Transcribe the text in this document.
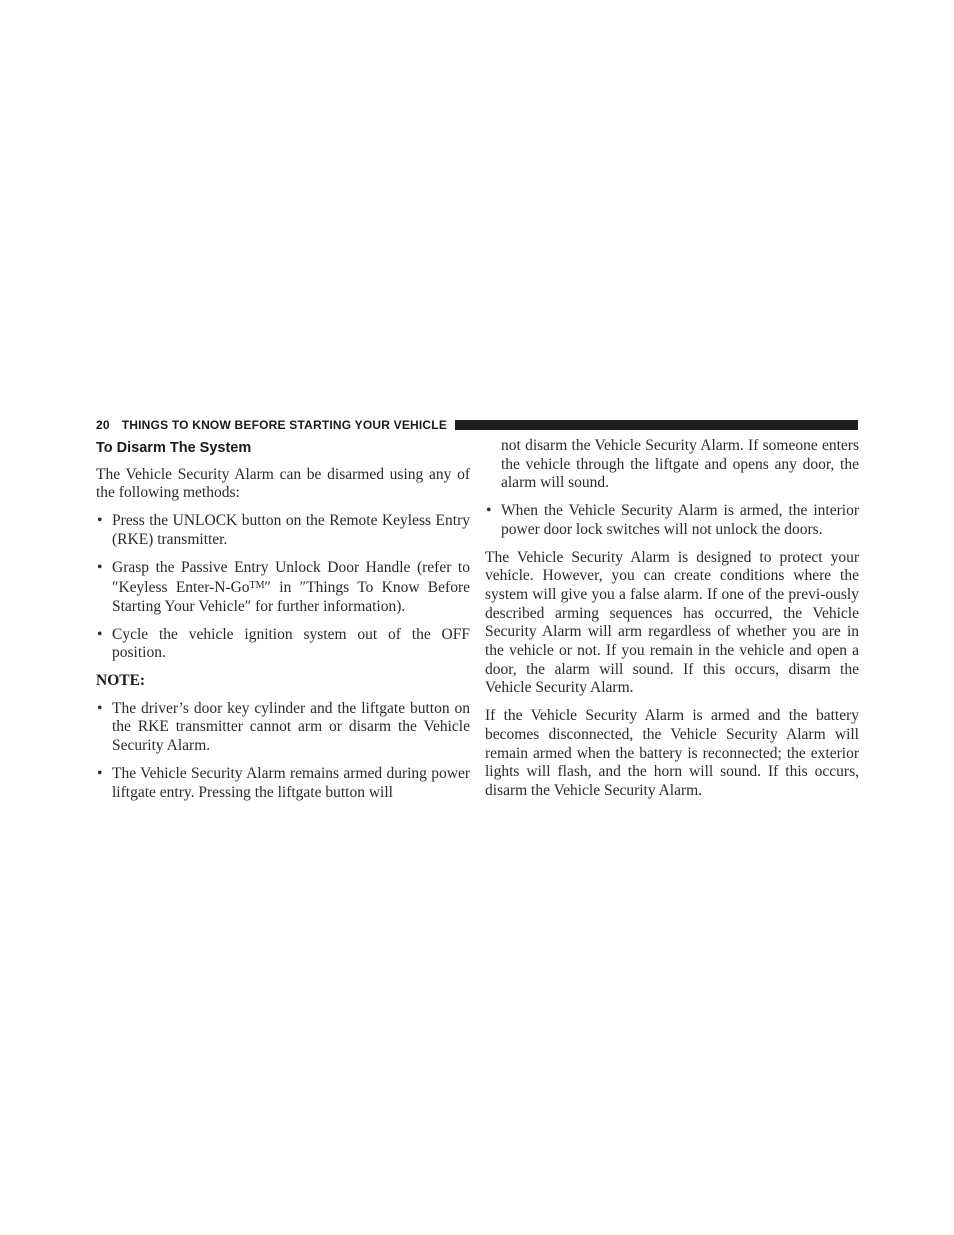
20 THINGS TO KNOW BEFORE STARTING YOUR VEHICLE
To Disarm The System

The Vehicle Security Alarm can be disarmed using any of the following methods:

• Press the UNLOCK button on the Remote Keyless Entry (RKE) transmitter.
• Grasp the Passive Entry Unlock Door Handle (refer to ″Keyless Enter-N-Go™″ in ″Things To Know Before Starting Your Vehicle″ for further information).
• Cycle the vehicle ignition system out of the OFF position.
NOTE:
• The driver’s door key cylinder and the liftgate button on the RKE transmitter cannot arm or disarm the Vehicle Security Alarm.
• The Vehicle Security Alarm remains armed during power liftgate entry. Pressing the liftgate button will
not disarm the Vehicle Security Alarm. If someone enters the vehicle through the liftgate and opens any door, the alarm will sound.
• When the Vehicle Security Alarm is armed, the interior power door lock switches will not unlock the doors.

The Vehicle Security Alarm is designed to protect your vehicle. However, you can create conditions where the system will give you a false alarm. If one of the previ-ously described arming sequences has occurred, the Vehicle Security Alarm will arm regardless of whether you are in the vehicle or not. If you remain in the vehicle and open a door, the alarm will sound. If this occurs, disarm the Vehicle Security Alarm.

If the Vehicle Security Alarm is armed and the battery becomes disconnected, the Vehicle Security Alarm will remain armed when the battery is reconnected; the exterior lights will flash, and the horn will sound. If this occurs, disarm the Vehicle Security Alarm.
